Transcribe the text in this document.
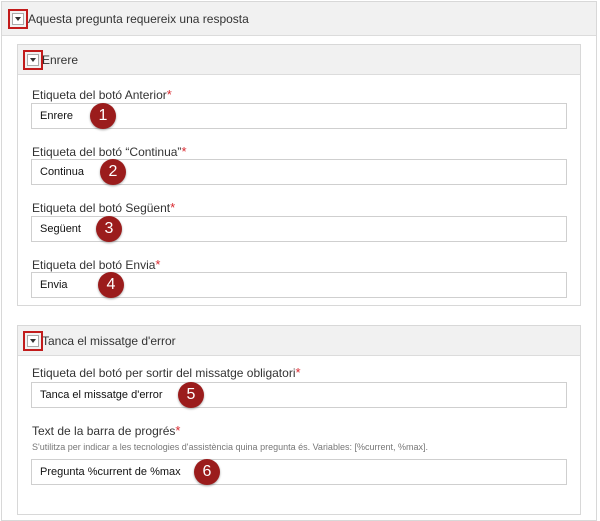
Aquesta pregunta requereix una resposta
Enrere
Etiqueta del botó Anterior*
Enrere 1
Etiqueta del botó “Continua”*
Continua 2
Etiqueta del botó Següent*
Següent 3
Etiqueta del botó Envia*
Envia 4
Tanca el missatge d'error
Etiqueta del botó per sortir del missatge obligatori*
Tanca el missatge d'error 5
Text de la barra de progrés*
S'utilitza per indicar a les tecnologies d'assistència quina pregunta és. Variables: [%current, %max].
Pregunta %current de %max 6
